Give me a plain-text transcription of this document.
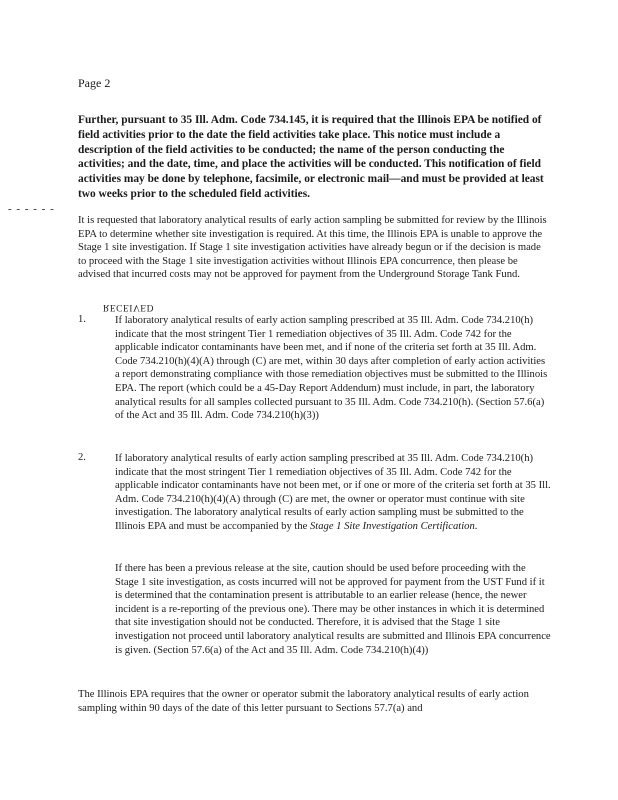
Page 2

Further, pursuant to 35 Ill. Adm. Code 734.145, it is required that the Illinois EPA be notified of field activities prior to the date the field activities take place. This notice must include a description of the field activities to be conducted; the name of the person conducting the activities; and the date, time, and place the activities will be conducted. This notification of field activities may be done by telephone, facsimile, or electronic mail—and must be provided at least two weeks prior to the scheduled field activities.

- - - - - -

It is requested that laboratory analytical results of early action sampling be submitted for review by the Illinois EPA to determine whether site investigation is required. At this time, the Illinois EPA is unable to approve the Stage 1 site investigation. If Stage 1 site investigation activities have already begun or if the decision is made to proceed with the Stage 1 site investigation activities without Illinois EPA concurrence, then please be advised that incurred costs may not be approved for payment from the Underground Storage Tank Fund.

RECEIVED
1.	If laboratory analytical results of early action sampling prescribed at 35 Ill. Adm. Code 734.210(h) indicate that the most stringent Tier 1 remediation objectives of 35 Ill. Adm. Code 742 for the applicable indicator contaminants have been met, and if none of the criteria set forth at 35 Ill. Adm. Code 734.210(h)(4)(A) through (C) are met, within 30 days after completion of early action activities a report demonstrating compliance with those remediation objectives must be submitted to the Illinois EPA. The report (which could be a 45-Day Report Addendum) must include, in part, the laboratory analytical results for all samples collected pursuant to 35 Ill. Adm. Code 734.210(h). (Section 57.6(a) of the Act and 35 Ill. Adm. Code 734.210(h)(3))

2.	If laboratory analytical results of early action sampling prescribed at 35 Ill. Adm. Code 734.210(h) indicate that the most stringent Tier 1 remediation objectives of 35 Ill. Adm. Code 742 for the applicable indicator contaminants have not been met, or if one or more of the criteria set forth at 35 Ill. Adm. Code 734.210(h)(4)(A) through (C) are met, the owner or operator must continue with site investigation. The laboratory analytical results of early action sampling must be submitted to the Illinois EPA and must be accompanied by the Stage 1 Site Investigation Certification.

If there has been a previous release at the site, caution should be used before proceeding with the Stage 1 site investigation, as costs incurred will not be approved for payment from the UST Fund if it is determined that the contamination present is attributable to an earlier release (hence, the newer incident is a re-reporting of the previous one). There may be other instances in which it is determined that site investigation should not be conducted. Therefore, it is advised that the Stage 1 site investigation not proceed until laboratory analytical results are submitted and Illinois EPA concurrence is given. (Section 57.6(a) of the Act and 35 Ill. Adm. Code 734.210(h)(4))

The Illinois EPA requires that the owner or operator submit the laboratory analytical results of early action sampling within 90 days of the date of this letter pursuant to Sections 57.7(a) and
